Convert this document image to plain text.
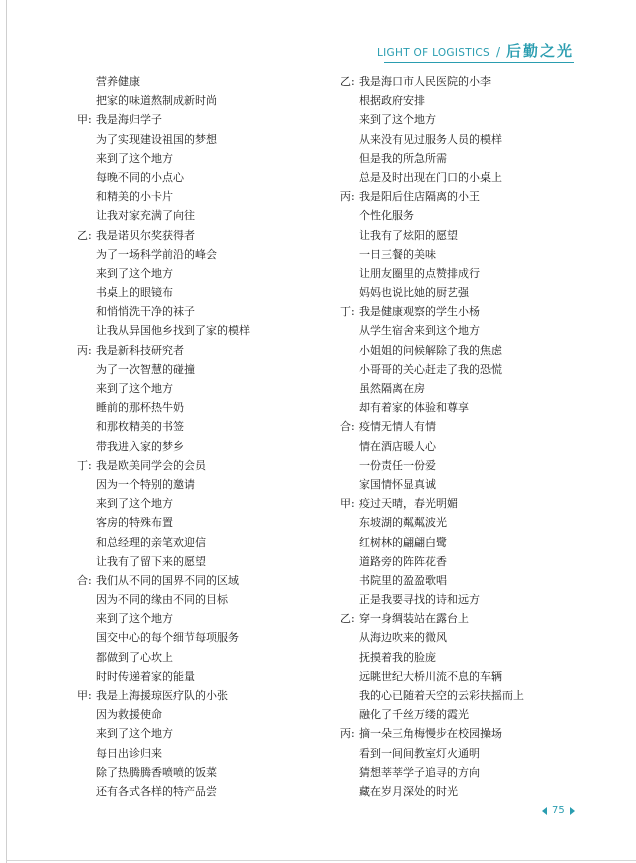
LIGHT OF LOGISTICS / 后勤之光
营养健康
把家的味道熬制成新时尚
甲: 我是海归学子
为了实现建设祖国的梦想
来到了这个地方
每晚不同的小点心
和精美的小卡片
让我对家充满了向往
乙: 我是诺贝尔奖获得者
为了一场科学前沿的峰会
来到了这个地方
书桌上的眼镜布
和悄悄洗干净的袜子
让我从异国他乡找到了家的模样
丙: 我是新科技研究者
为了一次智慧的碰撞
来到了这个地方
睡前的那杯热牛奶
和那枚精美的书签
带我进入家的梦乡
丁: 我是欧美同学会的会员
因为一个特别的邀请
来到了这个地方
客房的特殊布置
和总经理的亲笔欢迎信
让我有了留下来的愿望
合: 我们从不同的国界不同的区域
因为不同的缘由不同的目标
来到了这个地方
国交中心的每个细节每项服务
都做到了心坎上
时时传递着家的能量
甲: 我是上海援琼医疗队的小张
因为救援使命
来到了这个地方
每日出诊归来
除了热腾腾香喷喷的饭菜
还有各式各样的特产品尝
乙: 我是海口市人民医院的小李
根据政府安排
来到了这个地方
从来没有见过服务人员的模样
但是我的所急所需
总是及时出现在门口的小桌上
丙: 我是阳后住店隔离的小王
个性化服务
让我有了炫阳的愿望
一日三餐的美味
让朋友圈里的点赞排成行
妈妈也说比她的厨艺强
丁: 我是健康观察的学生小杨
从学生宿舍来到这个地方
小姐姐的问候解除了我的焦虑
小哥哥的关心赶走了我的恐慌
虽然隔离在房
却有着家的体验和尊享
合: 疫情无情人有情
情在酒店暖人心
一份责任一份爱
家国情怀显真诚
甲: 疫过天晴，春光明媚
东坡湖的粼粼波光
红树林的翩翩白鹭
道路旁的阵阵花香
书院里的盈盈歌唱
正是我要寻找的诗和远方
乙: 穿一身绸装站在露台上
从海边吹来的微风
抚摸着我的脸庞
远眺世纪大桥川流不息的车辆
我的心已随着天空的云彩扶摇而上
融化了千丝万缕的霞光
丙: 摘一朵三角梅慢步在校园操场
看到一间间教室灯火通明
猜想莘莘学子追寻的方向
藏在岁月深处的时光
75
